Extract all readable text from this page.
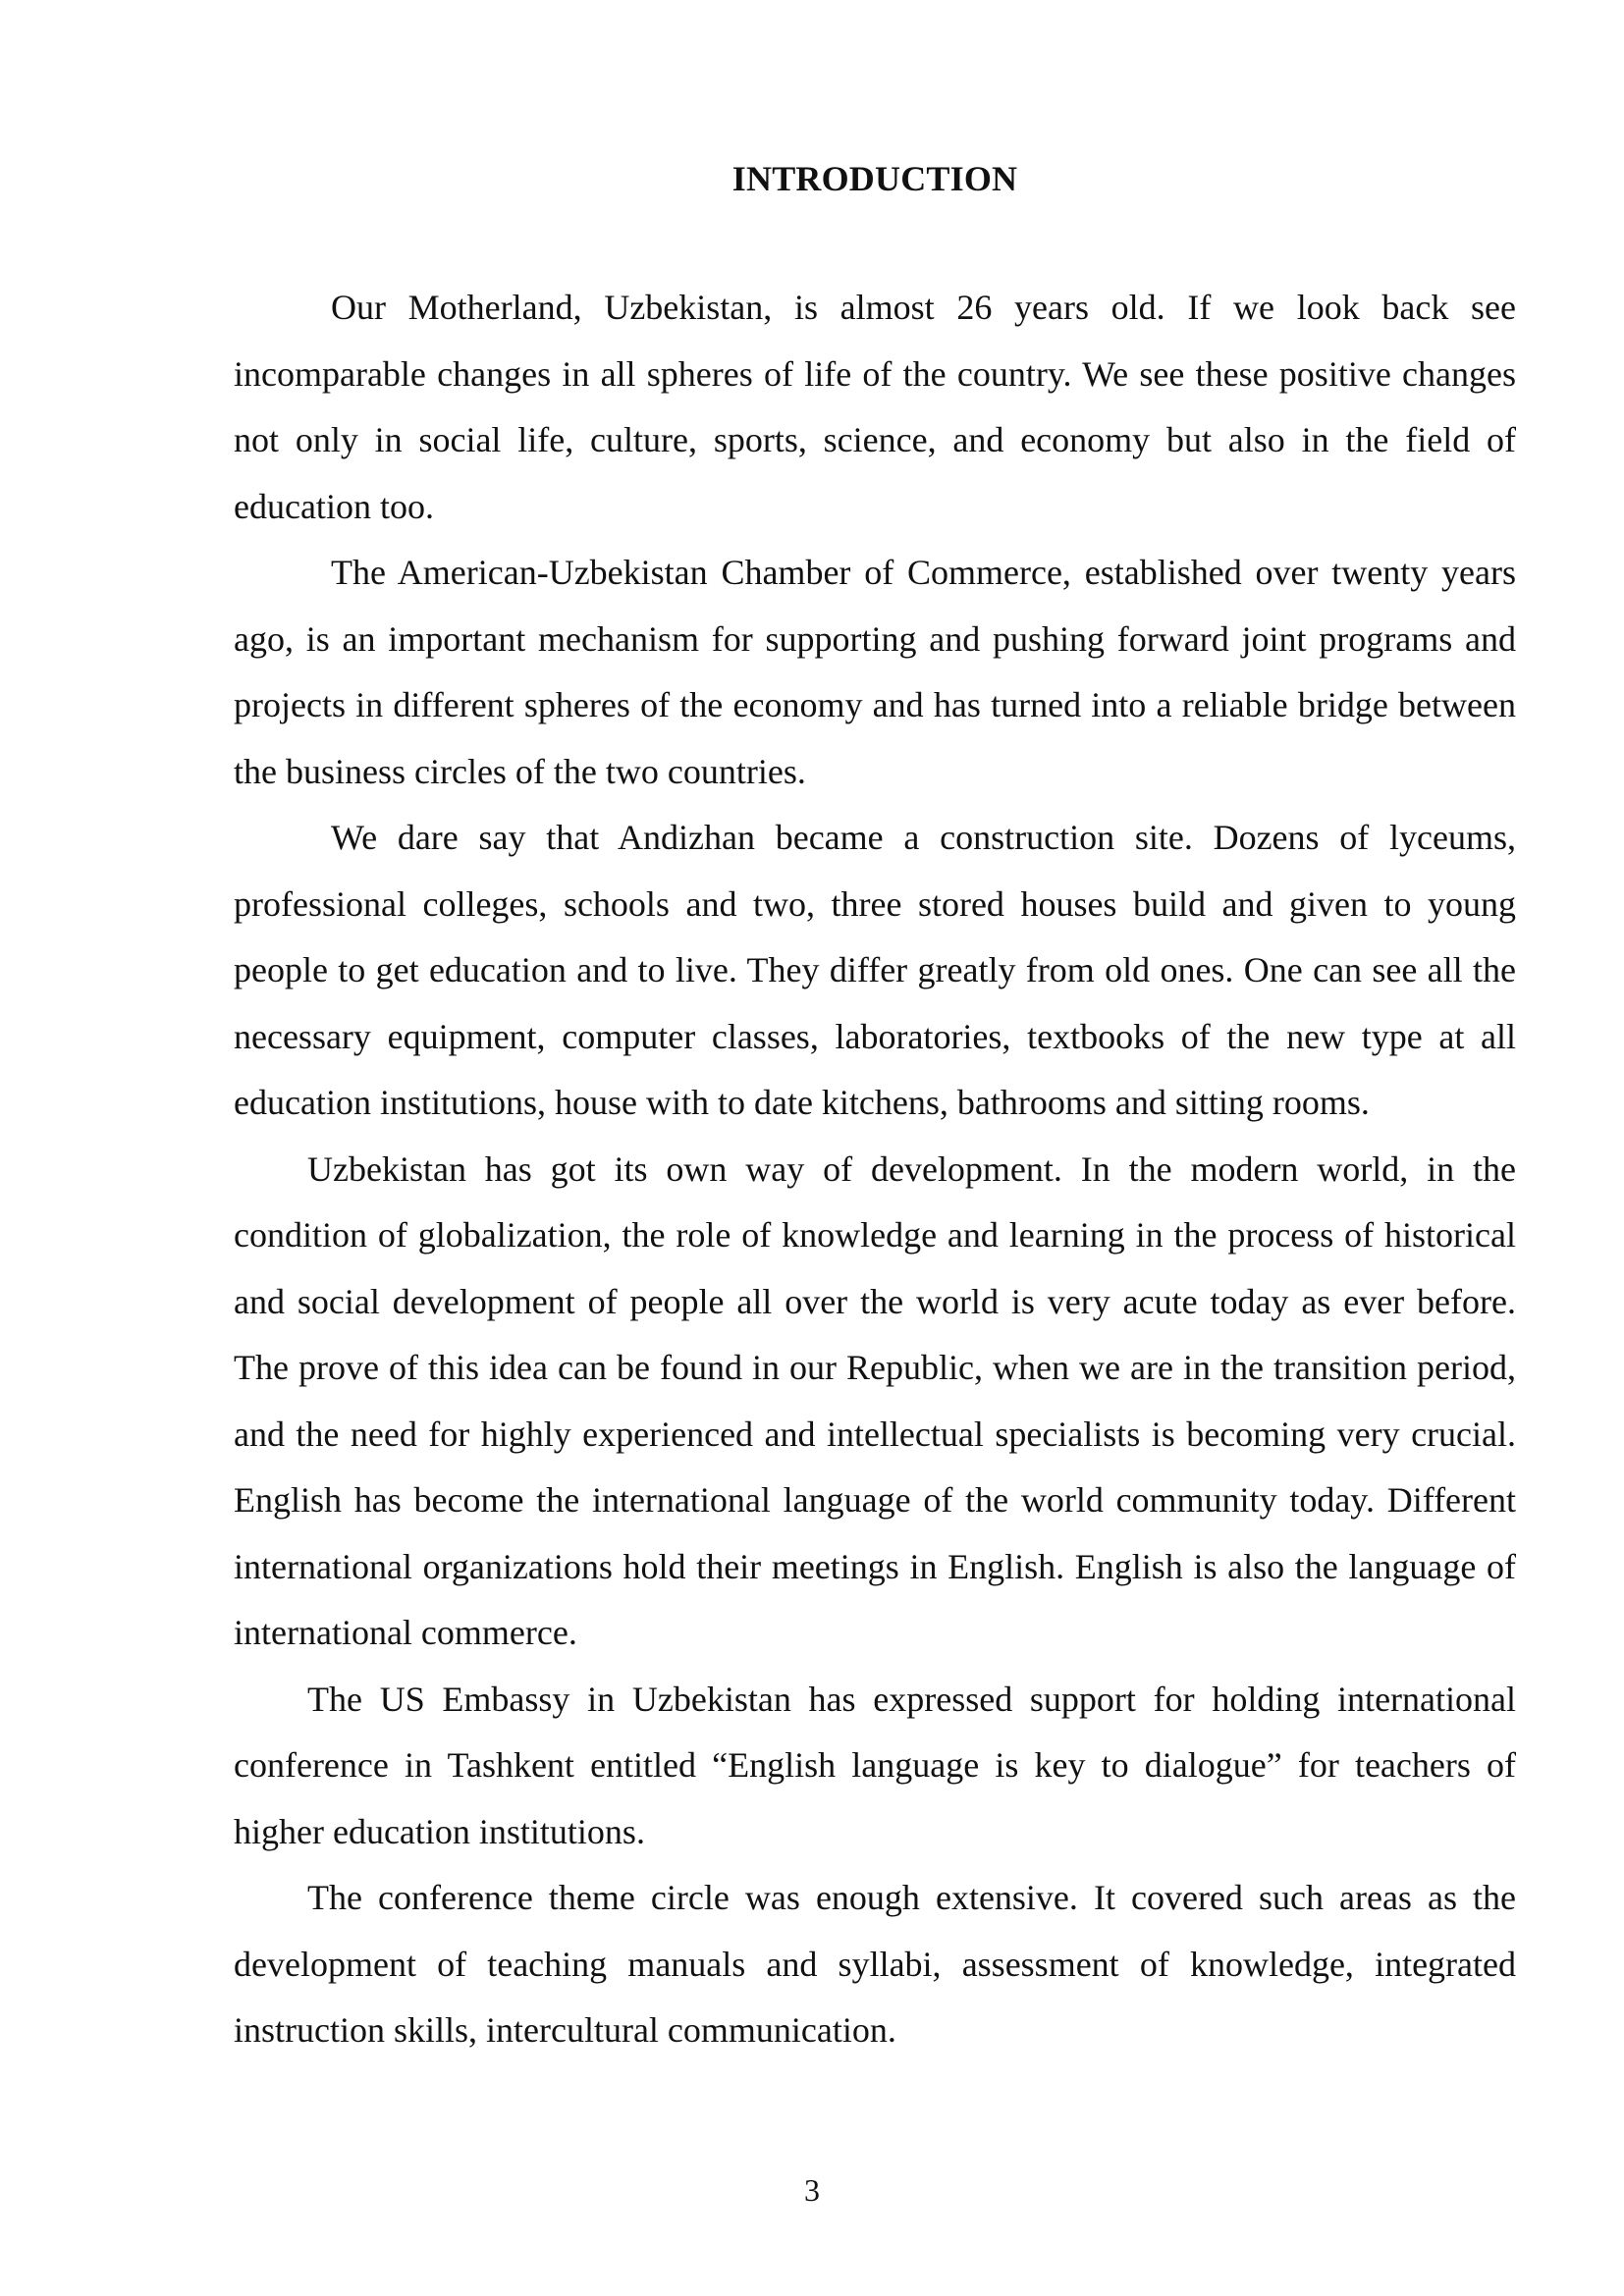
INTRODUCTION

Our Motherland, Uzbekistan, is almost 26 years old. If we look back see incomparable changes in all spheres of life of the country. We see these positive changes not only in social life, culture, sports, science, and economy but also in the field of education too.

The American-Uzbekistan Chamber of Commerce, established over twenty years ago, is an important mechanism for supporting and pushing forward joint programs and projects in different spheres of the economy and has turned into a reliable bridge between the business circles of the two countries.

We dare say that Andizhan became a construction site. Dozens of lyceums, professional colleges, schools and two, three stored houses build and given to young people to get education and to live. They differ greatly from old ones. One can see all the necessary equipment, computer classes, laboratories, textbooks of the new type at all education institutions, house with to date kitchens, bathrooms and sitting rooms.

Uzbekistan has got its own way of development. In the modern world, in the condition of globalization, the role of knowledge and learning in the process of historical and social development of people all over the world is very acute today as ever before. The prove of this idea can be found in our Republic, when we are in the transition period, and the need for highly experienced and intellectual specialists is becoming very crucial. English has become the international language of the world community today. Different international organizations hold their meetings in English. English is also the language of international commerce.

The US Embassy in Uzbekistan has expressed support for holding international conference in Tashkent entitled “English language is key to dialogue” for teachers of higher education institutions.

The conference theme circle was enough extensive. It covered such areas as the development of teaching manuals and syllabi, assessment of knowledge, integrated instruction skills, intercultural communication.

3
